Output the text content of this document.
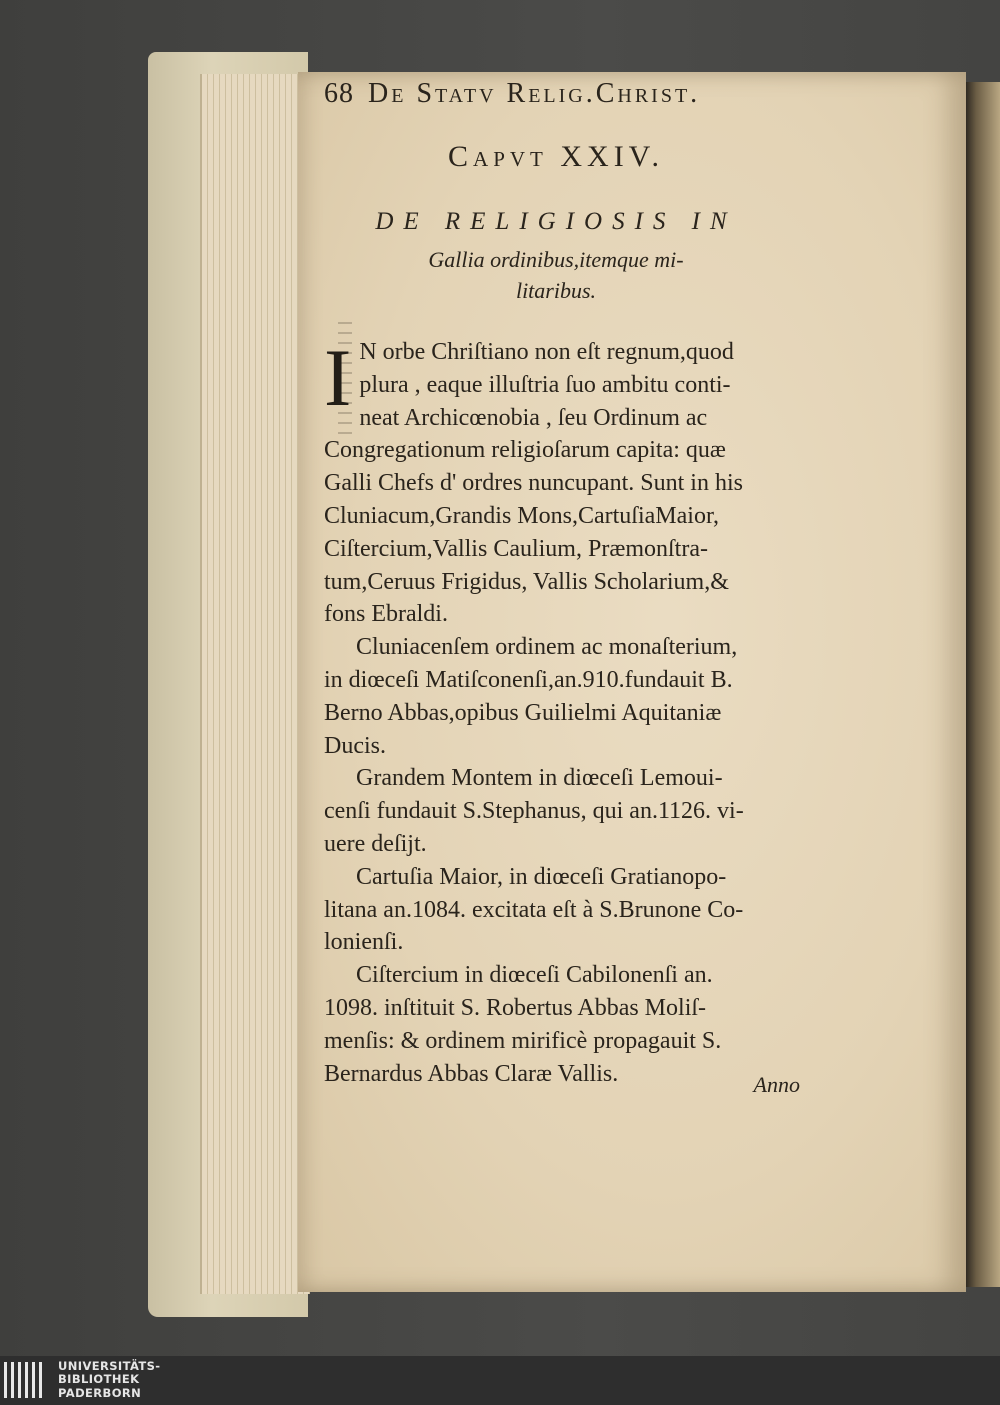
68 De Statv Relig.Christ.
Capvt XXIV.
DE RELIGIOSIS IN
Gallia ordinibus,itemque mi-
litaribus.
I N orbe Chriſtiano non eſt regnum,quod
plura , eaque illuſtria ſuo ambitu conti-
neat Archicœnobia , ſeu Ordinum ac
Congregationum religioſarum capita: quæ
Galli Chefs d' ordres nuncupant. Sunt in his
Cluniacum,Grandis Mons,CartuſiaMaior,
Ciſtercium,Vallis Caulium, Præmonſtra-
tum,Ceruus Frigidus, Vallis Scholarium,&
fons Ebraldi.
Cluniacenſem ordinem ac monaſterium,
in diœceſi Matiſconenſi,an.910.fundauit B.
Berno Abbas,opibus Guilielmi Aquitaniæ
Ducis.
Grandem Montem in diœceſi Lemoui-
cenſi fundauit S.Stephanus, qui an.1126. vi-
uere deſijt.
Cartuſia Maior, in diœceſi Gratianopo-
litana an.1084. excitata eſt à S.Brunone Co-
lonienſi.
Ciſtercium in diœceſi Cabilonenſi an.
1098. inſtituit S. Robertus Abbas Moliſ-
menſis: & ordinem mirificè propagauit S.
Bernardus Abbas Claræ Vallis.	Anno
UNIVERSITÄTS-
BIBLIOTHEK
PADERBORN
